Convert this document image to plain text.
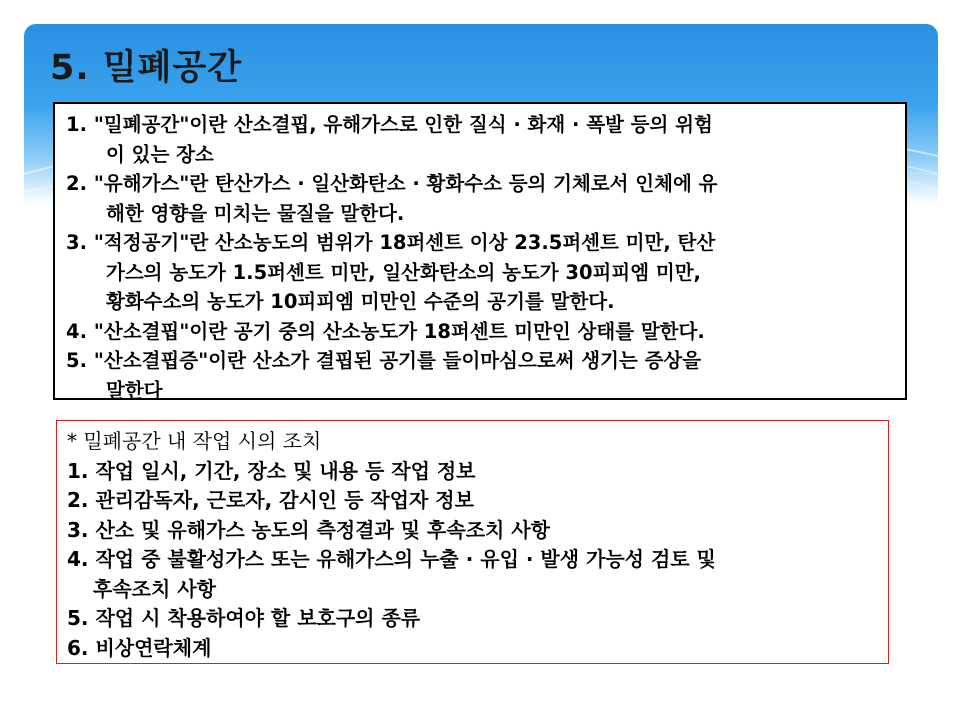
5. 밀폐공간

1. "밀폐공간"이란 산소결핍, 유해가스로 인한 질식 · 화재 · 폭발 등의 위험
이 있는 장소

2. "유해가스"란 탄산가스 · 일산화탄소 · 황화수소 등의 기체로서 인체에 유
해한 영향을 미치는 물질을 말한다.

3. "적정공기"란 산소농도의 범위가 18퍼센트 이상 23.5퍼센트 미만, 탄산
가스의 농도가 1.5퍼센트 미만, 일산화탄소의 농도가 30피피엠 미만,
황화수소의 농도가 10피피엠 미만인 수준의 공기를 말한다.

4. "산소결핍"이란 공기 중의 산소농도가 18퍼센트 미만인 상태를 말한다.

5. "산소결핍증"이란 산소가 결핍된 공기를 들이마심으로써 생기는 증상을
말한다

* 밀폐공간 내 작업 시의 조치

1. 작업 일시, 기간, 장소 및 내용 등 작업 정보

2. 관리감독자, 근로자, 감시인 등 작업자 정보

3. 산소 및 유해가스 농도의 측정결과 및 후속조치 사항

4. 작업 중 불활성가스 또는 유해가스의 누출 · 유입 · 발생 가능성 검토 및

후속조치 사항

5. 작업 시 착용하여야 할 보호구의 종류

6. 비상연락체계
